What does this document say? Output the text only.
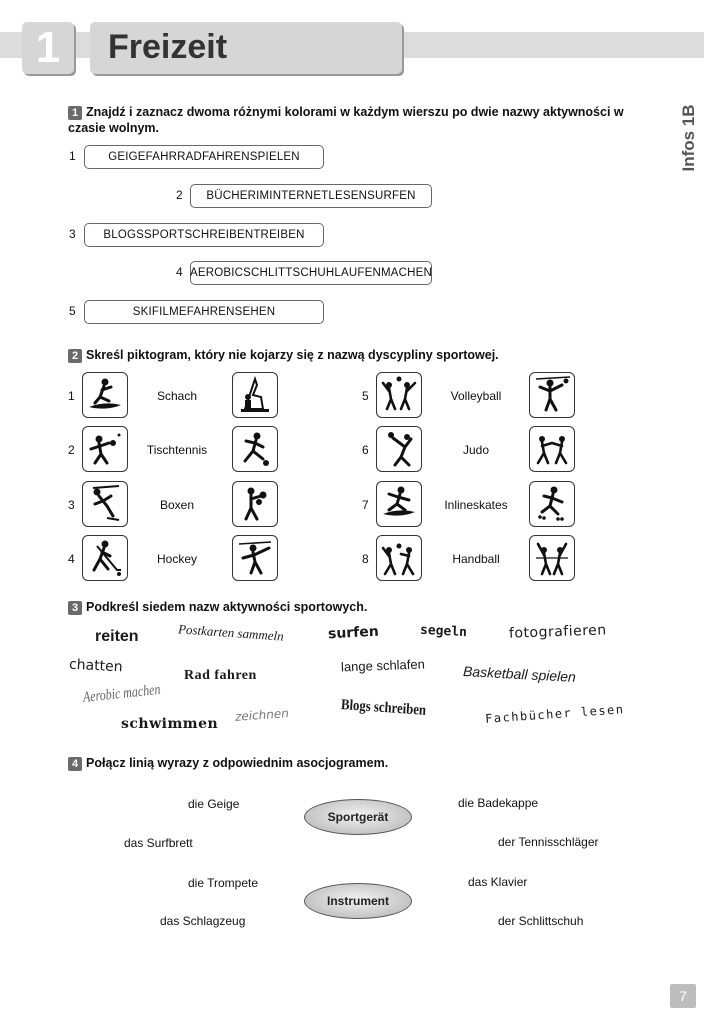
1 Freizeit
Infos 1B
1 Znajdź i zaznacz dwoma różnymi kolorami w każdym wierszu po dwie nazwy aktywności w czasie wolnym.
1	GEIGEFAHRRADFAHRENSPIELEN
2	BÜCHERIMINTERNETLESENSURFEN
3	BLOGSSPORTSCHREIBENTREIBEN
4 AEROBICSCHLITTSCHUHLAUFENMACHEN
5	SKIFILMEFAHRENSEHEN
2 Skreśl piktogram, który nie kojarzy się z nazwą dyscypliny sportowej.
1	Schach
2	Tischtennis
3	Boxen
4	Hockey
5	Volleyball
6	Judo
7	Inlineskates
8	Handball
3 Podkreśl siedem nazw aktywności sportowych.
reiten	Postkarten sammeln	surfen	segeln	fotografieren
chatten
Rad fahren
lange schlafen	Basketball spielen
Aerobic machen
zeichnen	Blogs schreiben
schwimmen	Fachbücher lesen
4 Połącz linią wyrazy z odpowiednim asocjogramem.
die Geige
das Surfbrett
die Trompete
das Schlagzeug
die Badekappe
der Tennisschläger
das Klavier
der Schlittschuh
Sportgerät
Instrument
7
